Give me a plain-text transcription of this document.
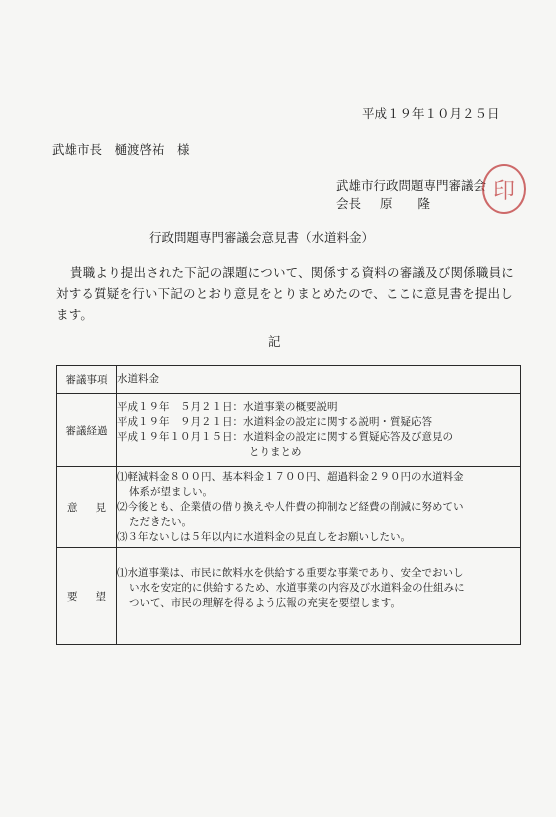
平成１９年１０月２５日
武雄市長　樋渡啓祐　様
武雄市行政問題専門審議会
会長 原　　隆	印
行政問題専門審議会意見書（水道料金）
貴職より提出された下記の課題について、関係する資料の審議及び関係職員に対する質疑を行い下記のとおり意見をとりまとめたので、ここに意見書を提出します。
記
審議事項	水道料金
審議経過	平成１９年　５月２１日：水道事業の概要説明
平成１９年　９月２１日：水道料金の設定に関する説明・質疑応答
平成１９年１０月１５日：水道料金の設定に関する質疑応答及び意見の
とりまとめ

意 見	⑴軽減料金８００円、基本料金１７００円、超過料金２９０円の水道料金
体系が望ましい。
⑵今後とも、企業債の借り換えや人件費の抑制など経費の削減に努めてい
ただきたい。
⑶３年ないしは５年以内に水道料金の見直しをお願いしたい。

要 望	⑴水道事業は、市民に飲料水を供給する重要な事業であり、安全でおいし
い水を安定的に供給するため、水道事業の内容及び水道料金の仕組みに
ついて、市民の理解を得るよう広報の充実を要望します。
